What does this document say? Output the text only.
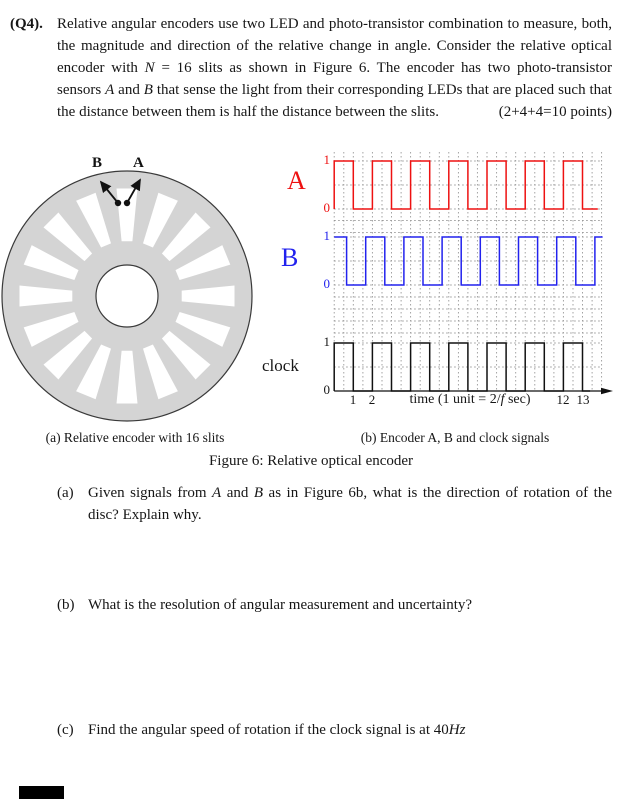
(Q4). Relative angular encoders use two LED and photo-transistor combination to measure, both, the magnitude and direction of the relative change in angle. Consider the relative optical encoder with N = 16 slits as shown in Figure 6. The encoder has two photo-transistor sensors A and B that sense the light from their corresponding LEDs that are placed such that the distance between them is half the distance between the slits.	(2+4+4=10 points)
B A
A
B
clock
1
0
1
0
1
0
1 2	12 13
time (1 unit = 2/f sec)
(a) Relative encoder with 16 slits	(b) Encoder A, B and clock signals
Figure 6: Relative optical encoder
(a) Given signals from A and B as in Figure 6b, what is the direction of rotation of the disc? Explain why.
(b) What is the resolution of angular measurement and uncertainty?
(c) Find the angular speed of rotation if the clock signal is at 40Hz
